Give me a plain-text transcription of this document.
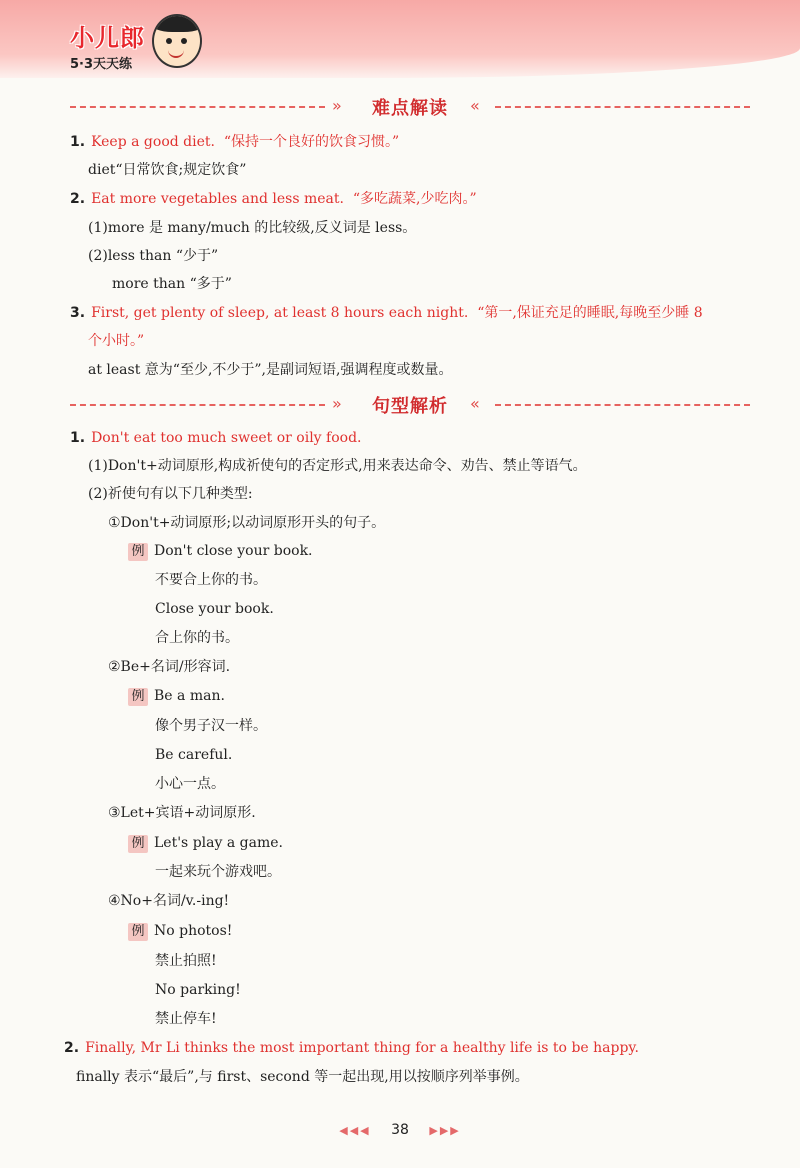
小儿郎
5·3天天练
»	难点解读	«
1. Keep a good diet. “保持一个良好的饮食习惯。”
diet“日常饮食;规定饮食”
2. Eat more vegetables and less meat. “多吃蔬菜,少吃肉。”
(1)more 是 many/much 的比较级,反义词是 less。
(2)less than “少于”
more than “多于”
3. First, get plenty of sleep, at least 8 hours each night. “第一,保证充足的睡眠,每晚至少睡 8
个小时。”
at least 意为“至少,不少于”,是副词短语,强调程度或数量。
»	句型解析	«
1. Don't eat too much sweet or oily food.
(1)Don't+动词原形,构成祈使句的否定形式,用来表达命令、劝告、禁止等语气。
(2)祈使句有以下几种类型:
①Don't+动词原形;以动词原形开头的句子。
例 Don't close your book.
不要合上你的书。
Close your book.
合上你的书。
②Be+名词/形容词.
例 Be a man.
像个男子汉一样。
Be careful.
小心一点。
③Let+宾语+动词原形.
例 Let's play a game.
一起来玩个游戏吧。
④No+名词/v.-ing!
例 No photos!
禁止拍照!
No parking!
禁止停车!
2. Finally, Mr Li thinks the most important thing for a healthy life is to be happy.
finally 表示“最后”,与 first、second 等一起出现,用以按顺序列举事例。
◀◀◀ 38 ▶▶▶
